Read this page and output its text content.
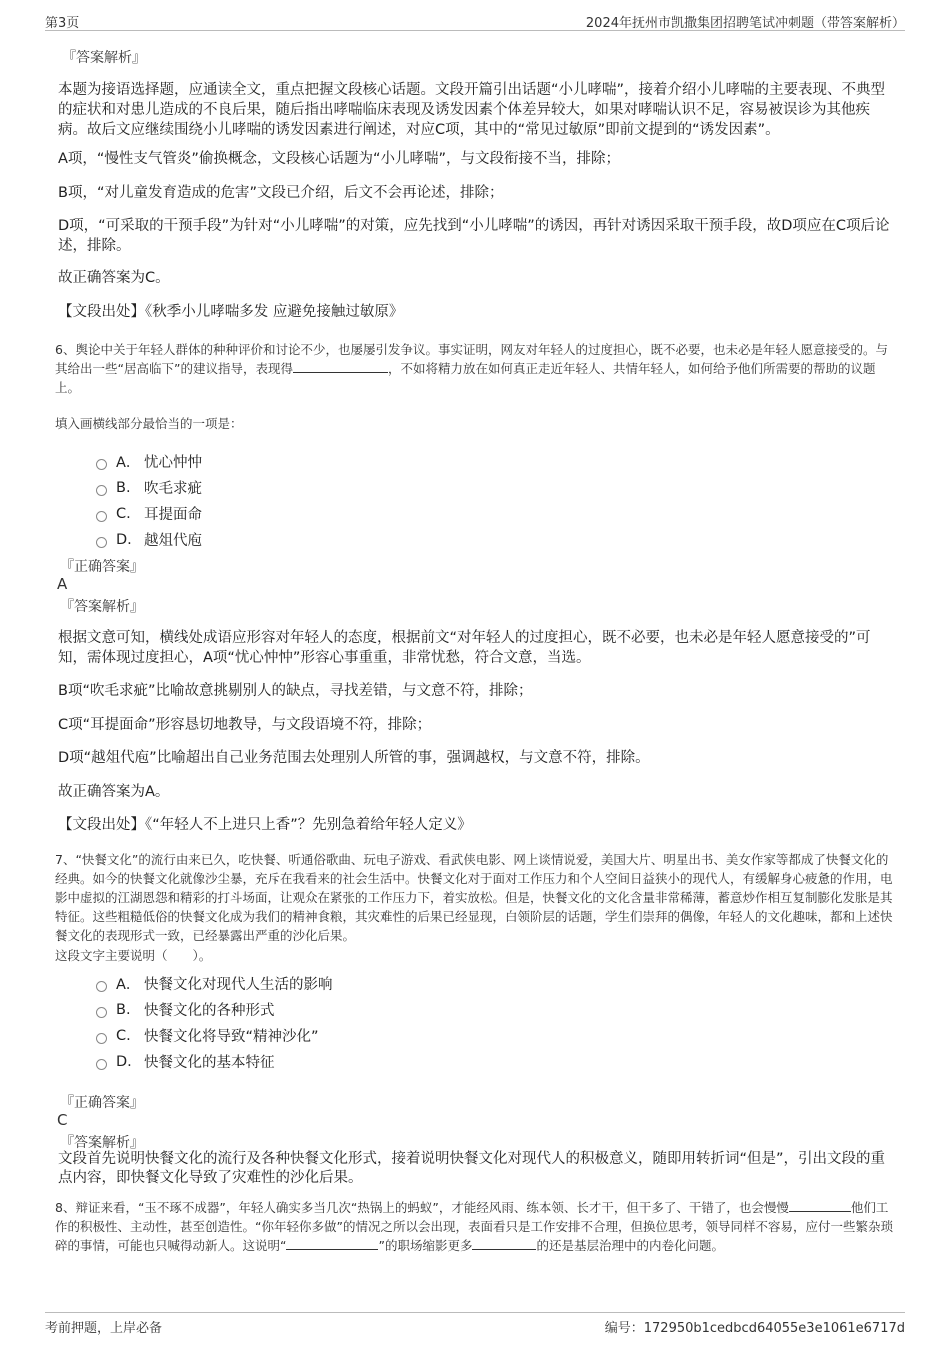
第3页	2024年抚州市凯撒集团招聘笔试冲刺题（带答案解析）
『答案解析』

本题为接语选择题，应通读全文，重点把握文段核心话题。文段开篇引出话题“小儿哮喘”，接着介绍小儿哮喘的主要表现、不典型的症状和对患儿造成的不良后果，随后指出哮喘临床表现及诱发因素个体差异较大，如果对哮喘认识不足，容易被误诊为其他疾病。故后文应继续围绕小儿哮喘的诱发因素进行阐述，对应C项，其中的“常见过敏原”即前文提到的“诱发因素”。

A项，“慢性支气管炎”偷换概念，文段核心话题为“小儿哮喘”，与文段衔接不当，排除；

B项，“对儿童发育造成的危害”文段已介绍，后文不会再论述，排除；

D项，“可采取的干预手段”为针对“小儿哮喘”的对策，应先找到“小儿哮喘”的诱因，再针对诱因采取干预手段，故D项应在C项后论述，排除。

故正确答案为C。

【文段出处】《秋季小儿哮喘多发 应避免接触过敏原》

6、舆论中关于年轻人群体的种种评价和讨论不少，也屡屡引发争议。事实证明，网友对年轻人的过度担心，既不必要，也未必是年轻人愿意接受的。与其给出一些“居高临下”的建议指导，表现得	，不如将精力放在如何真正走近年轻人、共情年轻人，如何给予他们所需要的帮助的议题上。

填入画横线部分最恰当的一项是：
A． 忧心忡忡
B. 吹毛求疵
C. 耳提面命
D. 越俎代庖
『正确答案』
A
『答案解析』

根据文意可知，横线处成语应形容对年轻人的态度，根据前文“对年轻人的过度担心，既不必要，也未必是年轻人愿意接受的”可知，需体现过度担心，A项“忧心忡忡”形容心事重重，非常忧愁，符合文意，当选。

B项“吹毛求疵”比喻故意挑剔别人的缺点，寻找差错，与文意不符，排除；

C项“耳提面命”形容恳切地教导，与文段语境不符，排除；

D项“越俎代庖”比喻超出自己业务范围去处理别人所管的事，强调越权，与文意不符，排除。

故正确答案为A。

【文段出处】《“年轻人不上进只上香”？先别急着给年轻人定义》

7、“快餐文化”的流行由来已久，吃快餐、听通俗歌曲、玩电子游戏、看武侠电影、网上谈情说爱，美国大片、明星出书、美女作家等都成了快餐文化的经典。如今的快餐文化就像沙尘暴，充斥在我看来的社会生活中。快餐文化对于面对工作压力和个人空间日益狭小的现代人，有缓解身心疲惫的作用，电影中虚拟的江湖恩怨和精彩的打斗场面，让观众在紧张的工作压力下，着实放松。但是，快餐文化的文化含量非常稀薄，蓄意炒作相互复制膨化发胀是其特征。这些粗糙低俗的快餐文化成为我们的精神食粮，其灾难性的后果已经显现，白领阶层的话题，学生们崇拜的偶像，年轻人的文化趣味，都和上述快餐文化的表现形式一致，已经暴露出严重的沙化后果。

这段文字主要说明（　　）。
A． 快餐文化对现代人生活的影响
B. 快餐文化的各种形式
C. 快餐文化将导致“精神沙化”
D. 快餐文化的基本特征
『正确答案』
C
『答案解析』

文段首先说明快餐文化的流行及各种快餐文化形式，接着说明快餐文化对现代人的积极意义，随即用转折词“但是”，引出文段的重点内容，即快餐文化导致了灾难性的沙化后果。

8、辩证来看，“玉不琢不成器”，年轻人确实多当几次“热锅上的蚂蚁”，才能经风雨、练本领、长才干，但干多了、干错了，也会慢慢	他们工作的积极性、主动性，甚至创造性。“你年轻你多做”的情况之所以会出现，表面看只是工作安排不合理，但换位思考，领导同样不容易，应付一些繁杂琐碎的事情，可能也只喊得动新人。这说明“	”的职场缩影更多	的还是基层治理中的内卷化问题。

考前押题，上岸必备	编号：172950b1cedbcd64055e3e1061e6717d
